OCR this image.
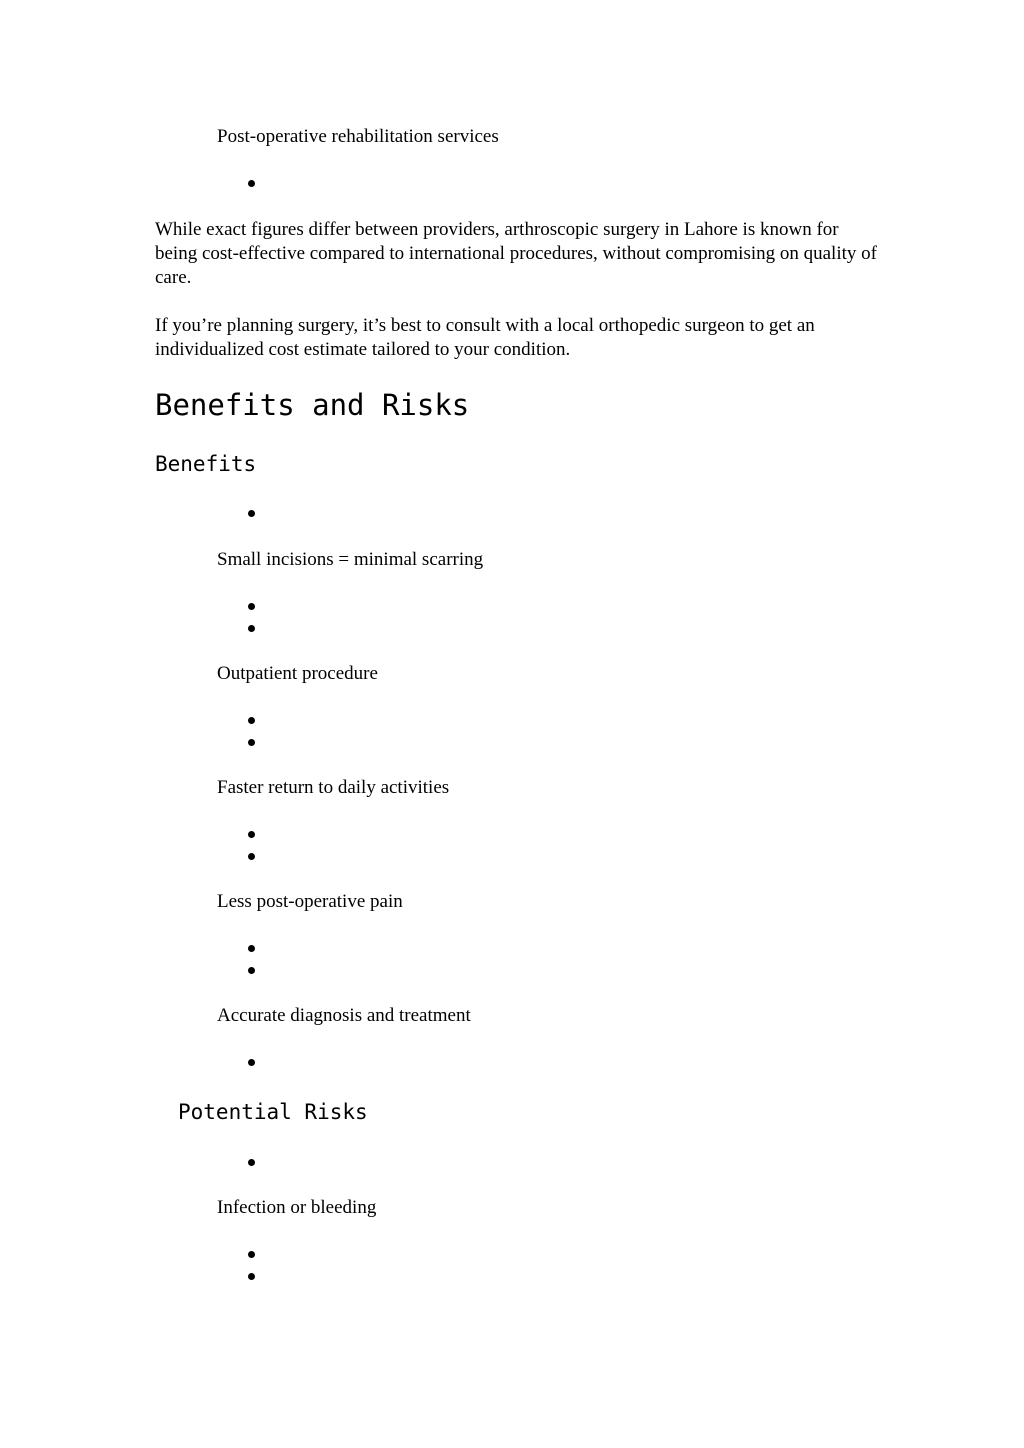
Post-operative rehabilitation services

While exact figures differ between providers, arthroscopic surgery in Lahore is known for being cost-effective compared to international procedures, without compromising on quality of care.

If you’re planning surgery, it’s best to consult with a local orthopedic surgeon to get an individualized cost estimate tailored to your condition.

Benefits and Risks
Benefits
Small incisions = minimal scarring
Outpatient procedure
Faster return to daily activities
Less post-operative pain
Accurate diagnosis and treatment
Potential Risks
Infection or bleeding
